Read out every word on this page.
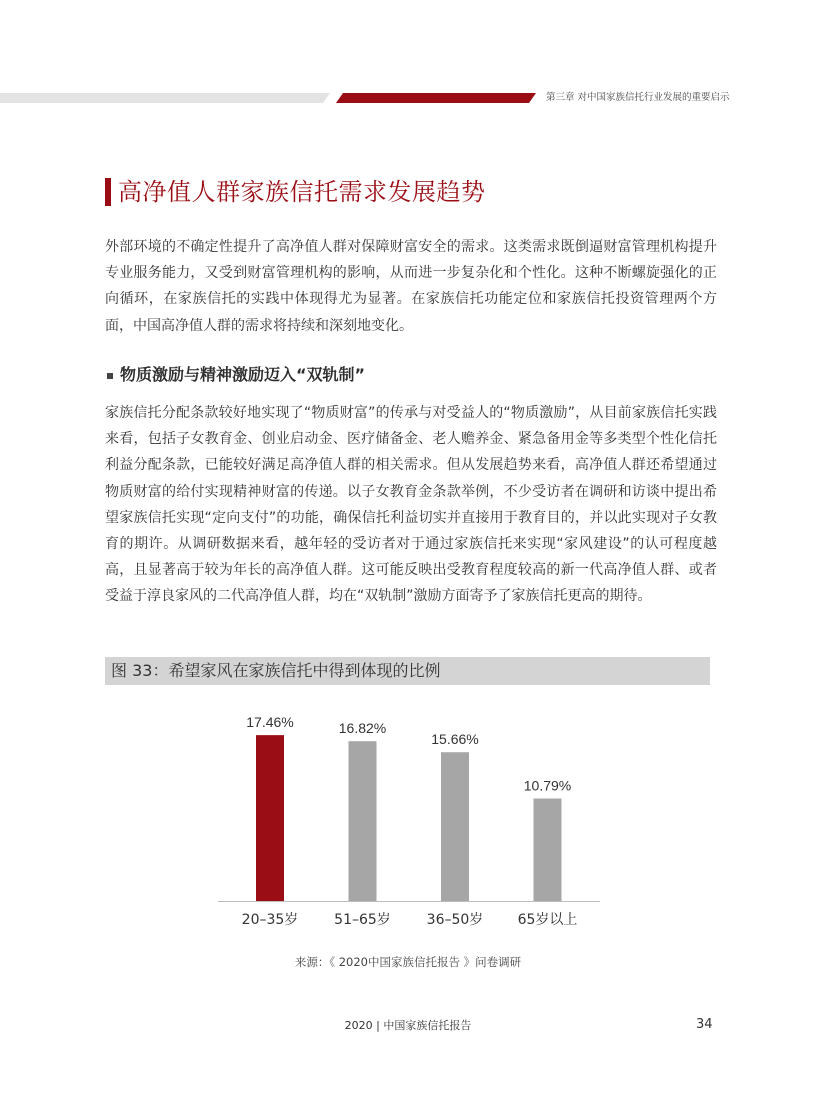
第三章 对中国家族信托行业发展的重要启示
高净值人群家族信托需求发展趋势

外部环境的不确定性提升了高净值人群对保障财富安全的需求。这类需求既倒逼财富管理机构提升专业服务能力，又受到财富管理机构的影响，从而进一步复杂化和个性化。这种不断螺旋强化的正向循环，在家族信托的实践中体现得尤为显著。在家族信托功能定位和家族信托投资管理两个方面，中国高净值人群的需求将持续和深刻地变化。

物质激励与精神激励迈入“双轨制”

家族信托分配条款较好地实现了“物质财富”的传承与对受益人的“物质激励”，从目前家族信托实践来看，包括子女教育金、创业启动金、医疗储备金、老人赡养金、紧急备用金等多类型个性化信托利益分配条款，已能较好满足高净值人群的相关需求。但从发展趋势来看，高净值人群还希望通过物质财富的给付实现精神财富的传递。以子女教育金条款举例，不少受访者在调研和访谈中提出希望家族信托实现“定向支付”的功能，确保信托利益切实并直接用于教育目的，并以此实现对子女教育的期许。从调研数据来看，越年轻的受访者对于通过家族信托来实现“家风建设”的认可程度越高，且显著高于较为年长的高净值人群。这可能反映出受教育程度较高的新一代高净值人群、或者受益于淳良家风的二代高净值人群，均在“双轨制”激励方面寄予了家族信托更高的期待。

图 33：希望家风在家族信托中得到体现的比例
17.46%
20–35岁
16.82%
51–65岁
15.66%
36–50岁
10.79%
65岁以上
来源：《 2020中国家族信托报告 》问卷调研
2020 | 中国家族信托报告	34
